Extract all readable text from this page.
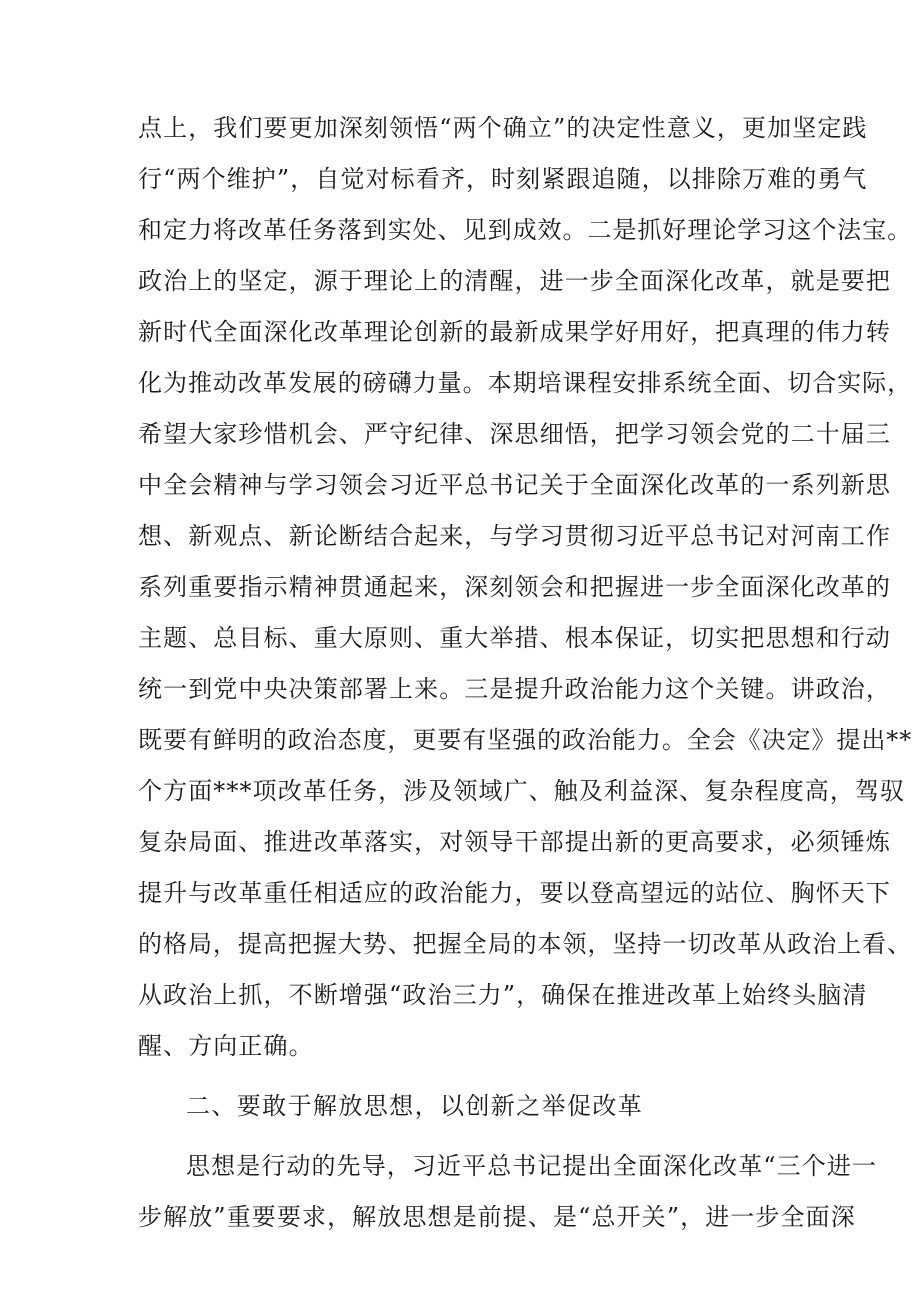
点上，我们要更加深刻领悟“两个确立”的决定性意义，更加坚定践

行“两个维护”，自觉对标看齐，时刻紧跟追随，以排除万难的勇气

和定力将改革任务落到实处、见到成效。二是抓好理论学习这个法宝。

政治上的坚定，源于理论上的清醒，进一步全面深化改革，就是要把

新时代全面深化改革理论创新的最新成果学好用好，把真理的伟力转

化为推动改革发展的磅礴力量。本期培课程安排系统全面、切合实际，

希望大家珍惜机会、严守纪律、深思细悟，把学习领会党的二十届三

中全会精神与学习领会习近平总书记关于全面深化改革的一系列新思

想、新观点、新论断结合起来，与学习贯彻习近平总书记对河南工作

系列重要指示精神贯通起来，深刻领会和把握进一步全面深化改革的

主题、总目标、重大原则、重大举措、根本保证，切实把思想和行动

统一到党中央决策部署上来。三是提升政治能力这个关键。讲政治，

既要有鲜明的政治态度，更要有坚强的政治能力。全会《决定》提出**

个方面***项改革任务，涉及领域广、触及利益深、复杂程度高，驾驭

复杂局面、推进改革落实，对领导干部提出新的更高要求，必须锤炼

提升与改革重任相适应的政治能力，要以登高望远的站位、胸怀天下

的格局，提高把握大势、把握全局的本领，坚持一切改革从政治上看、

从政治上抓，不断增强“政治三力”，确保在推进改革上始终头脑清

醒、方向正确。

二、要敢于解放思想，以创新之举促改革

思想是行动的先导，习近平总书记提出全面深化改革“三个进一

步解放”重要要求，解放思想是前提、是“总开关”，进一步全面深
